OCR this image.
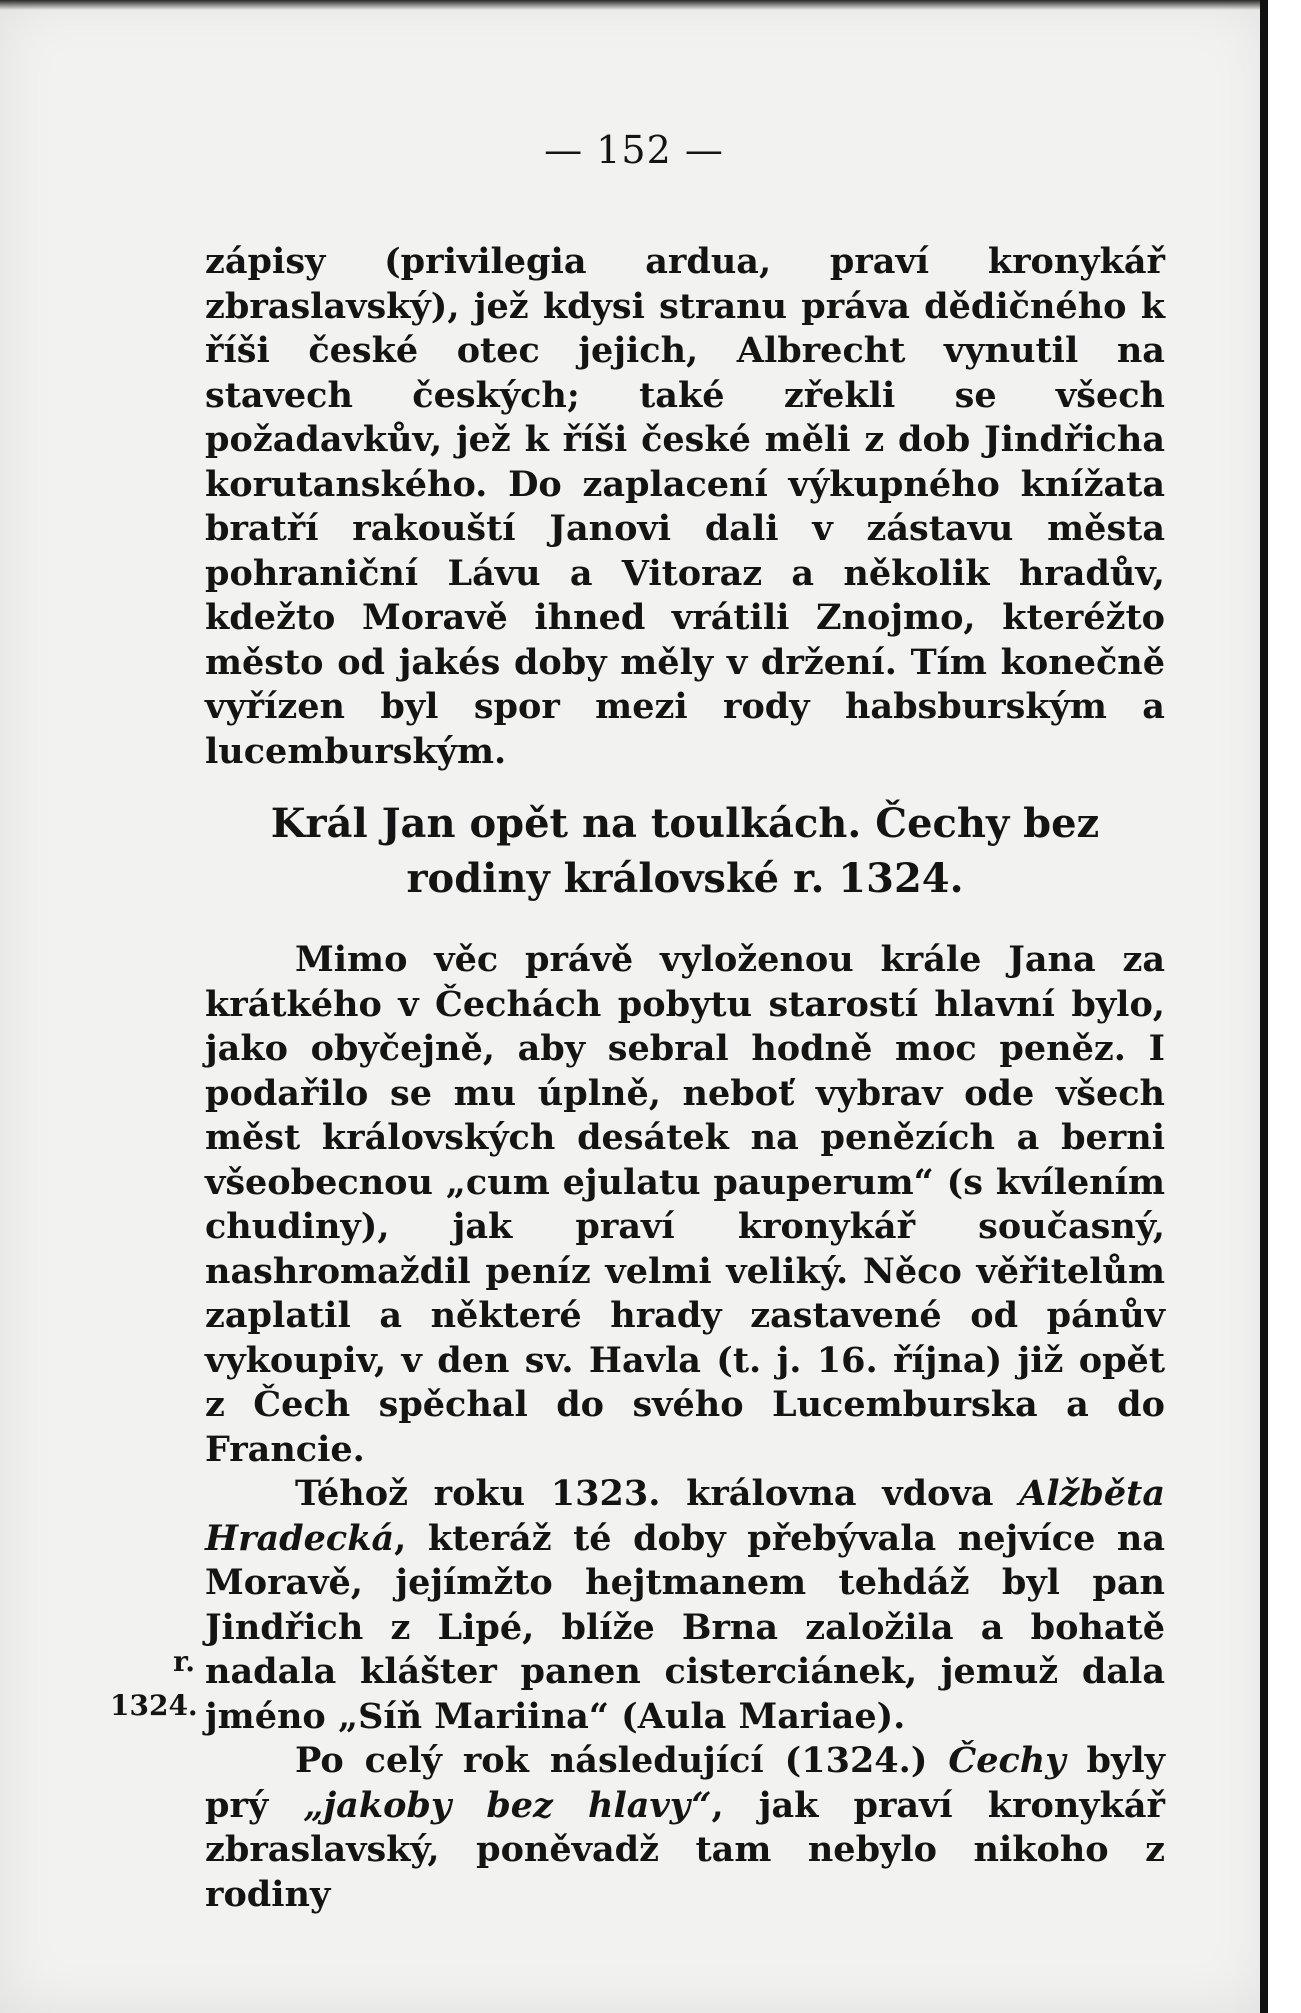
— 152 —

zápisy (privilegia ardua, praví kronykář zbraslavský), jež kdysi stranu práva dědičného k říši české otec jejich, Albrecht vynutil na stavech českých; také zřekli se všech požadavkův, jež k říši české měli z dob Jindřicha korutanského. Do zaplacení výkupného knížata bratří rakouští Janovi dali v zástavu města pohraniční Lávu a Vitoraz a několik hradův, kdežto Moravě ihned vrátili Znojmo, kteréžto město od jakés doby měly v držení. Tím konečně vyřízen byl spor mezi rody habsburským a lucemburským.

Král Jan opět na toulkách. Čechy bez
rodiny královské r. 1324.

Mimo věc právě vyloženou krále Jana za krátkého v Čechách pobytu starostí hlavní bylo, jako obyčejně, aby sebral hodně moc peněz. I podařilo se mu úplně, neboť vybrav ode všech měst královských desátek na penězích a berni všeobecnou „cum ejulatu pauperum“ (s kvílením chudiny), jak praví kronykář současný, nashromaždil peníz velmi veliký. Něco věřitelům zaplatil a některé hrady zastavené od pánův vykoupiv, v den sv. Havla (t. j. 16. října) již opět z Čech spěchal do svého Lucemburska a do Francie.

Téhož roku 1323. královna vdova Alžběta Hradecká, kteráž té doby přebývala nejvíce na Moravě, jejímžto hejtmanem tehdáž byl pan Jindřich z Lipé, blíže Brna založila a bohatě nadala klášter panen cisterciánek, jemuž dala jméno „Síň Mariina“ (Aula Mariae).

Po celý rok následující (1324.) Čechy byly prý „jakoby bez hlavy“, jak praví kronykář zbraslavský, poněvadž tam nebylo nikoho z rodiny

r.
1324.
